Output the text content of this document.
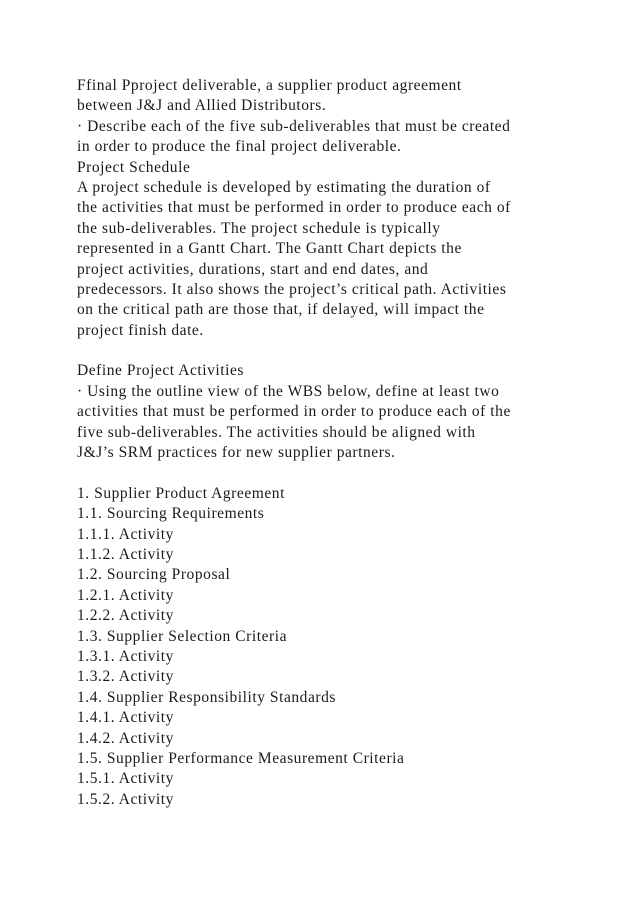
Ffinal Pproject deliverable, a supplier product agreement
between J&J and Allied Distributors.
· Describe each of the five sub-deliverables that must be created
in order to produce the final project deliverable.
Project Schedule
A project schedule is developed by estimating the duration of
the activities that must be performed in order to produce each of
the sub-deliverables. The project schedule is typically
represented in a Gantt Chart. The Gantt Chart depicts the
project activities, durations, start and end dates, and
predecessors. It also shows the project’s critical path. Activities
on the critical path are those that, if delayed, will impact the
project finish date.
Define Project Activities
· Using the outline view of the WBS below, define at least two
activities that must be performed in order to produce each of the
five sub-deliverables. The activities should be aligned with
J&J’s SRM practices for new supplier partners.
1. Supplier Product Agreement
1.1. Sourcing Requirements
1.1.1. Activity
1.1.2. Activity
1.2. Sourcing Proposal
1.2.1. Activity
1.2.2. Activity
1.3. Supplier Selection Criteria
1.3.1. Activity
1.3.2. Activity
1.4. Supplier Responsibility Standards
1.4.1. Activity
1.4.2. Activity
1.5. Supplier Performance Measurement Criteria
1.5.1. Activity
1.5.2. Activity
